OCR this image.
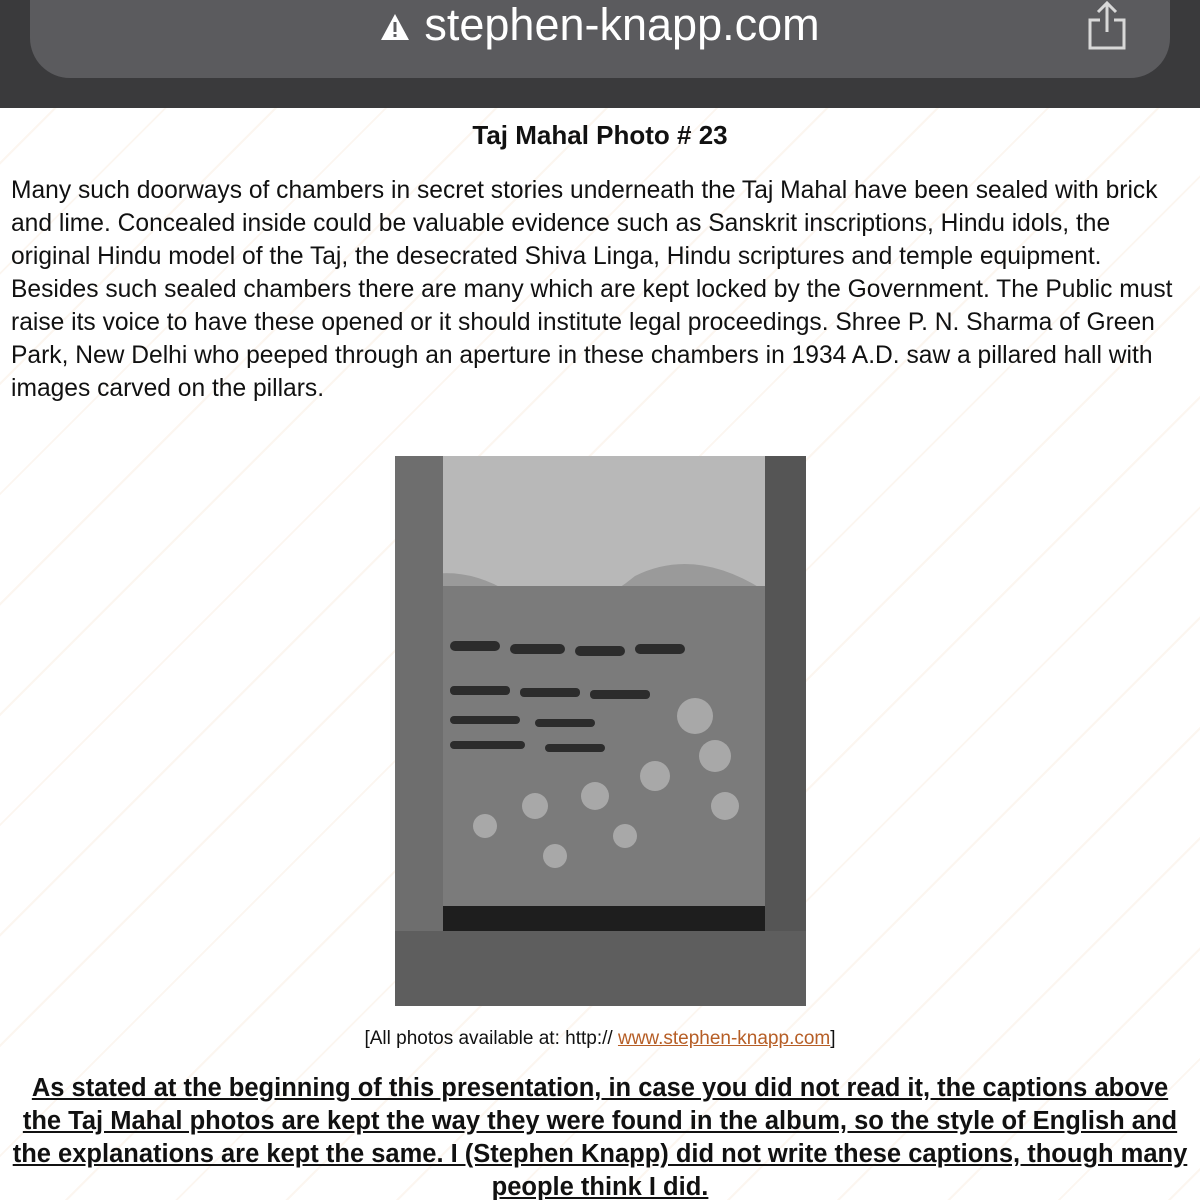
stephen-knapp.com
Taj Mahal Photo # 23
Many such doorways of chambers in secret stories underneath the Taj Mahal have been sealed with brick and lime. Concealed inside could be valuable evidence such as Sanskrit inscriptions, Hindu idols, the original Hindu model of the Taj, the desecrated Shiva Linga, Hindu scriptures and temple equipment. Besides such sealed chambers there are many which are kept locked by the Government. The Public must raise its voice to have these opened or it should institute legal proceedings. Shree P. N. Sharma of Green Park, New Delhi who peeped through an aperture in these chambers in 1934 A.D. saw a pillared hall with images carved on the pillars.
[All photos available at: http:// www.stephen-knapp.com]
As stated at the beginning of this presentation, in case you did not read it, the captions above the Taj Mahal photos are kept the way they were found in the album, so the style of English and the explanations are kept the same. I (Stephen Knapp) did not write these captions, though many people think I did.
